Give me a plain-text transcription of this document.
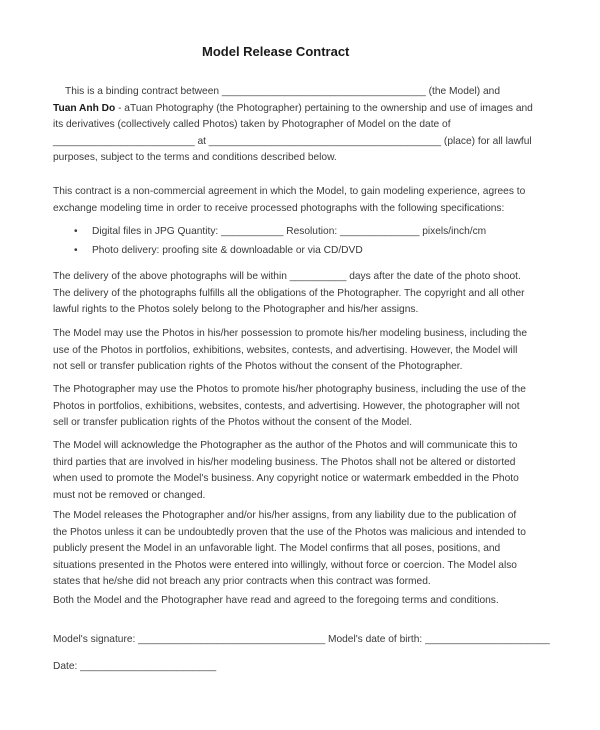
Model Release Contract
This is a binding contract between ____________________________________ (the Model) and
Tuan Anh Do - aTuan Photography (the Photographer) pertaining to the ownership and use of images and
its derivatives (collectively called Photos) taken by Photographer of Model on the date of
_________________________ at _________________________________________ (place) for all lawful
purposes, subject to the terms and conditions described below.
This contract is a non-commercial agreement in which the Model, to gain modeling experience, agrees to
exchange modeling time in order to receive processed photographs with the following specifications:
• Digital files in JPG Quantity: ___________ Resolution: ______________ pixels/inch/cm
• Photo delivery: proofing site & downloadable or via CD/DVD
The delivery of the above photographs will be within __________ days after the date of the photo shoot.
The delivery of the photographs fulfills all the obligations of the Photographer. The copyright and all other
lawful rights to the Photos solely belong to the Photographer and his/her assigns.
The Model may use the Photos in his/her possession to promote his/her modeling business, including the
use of the Photos in portfolios, exhibitions, websites, contests, and advertising. However, the Model will
not sell or transfer publication rights of the Photos without the consent of the Photographer.
The Photographer may use the Photos to promote his/her photography business, including the use of the
Photos in portfolios, exhibitions, websites, contests, and advertising. However, the photographer will not
sell or transfer publication rights of the Photos without the consent of the Model.
The Model will acknowledge the Photographer as the author of the Photos and will communicate this to
third parties that are involved in his/her modeling business. The Photos shall not be altered or distorted
when used to promote the Model's business. Any copyright notice or watermark embedded in the Photo
must not be removed or changed.
The Model releases the Photographer and/or his/her assigns, from any liability due to the publication of
the Photos unless it can be undoubtedly proven that the use of the Photos was malicious and intended to
publicly present the Model in an unfavorable light. The Model confirms that all poses, positions, and
situations presented in the Photos were entered into willingly, without force or coercion. The Model also
states that he/she did not breach any prior contracts when this contract was formed.
Both the Model and the Photographer have read and agreed to the foregoing terms and conditions.
Model's signature: _________________________________ Model's date of birth: ______________________
Date: ________________________
